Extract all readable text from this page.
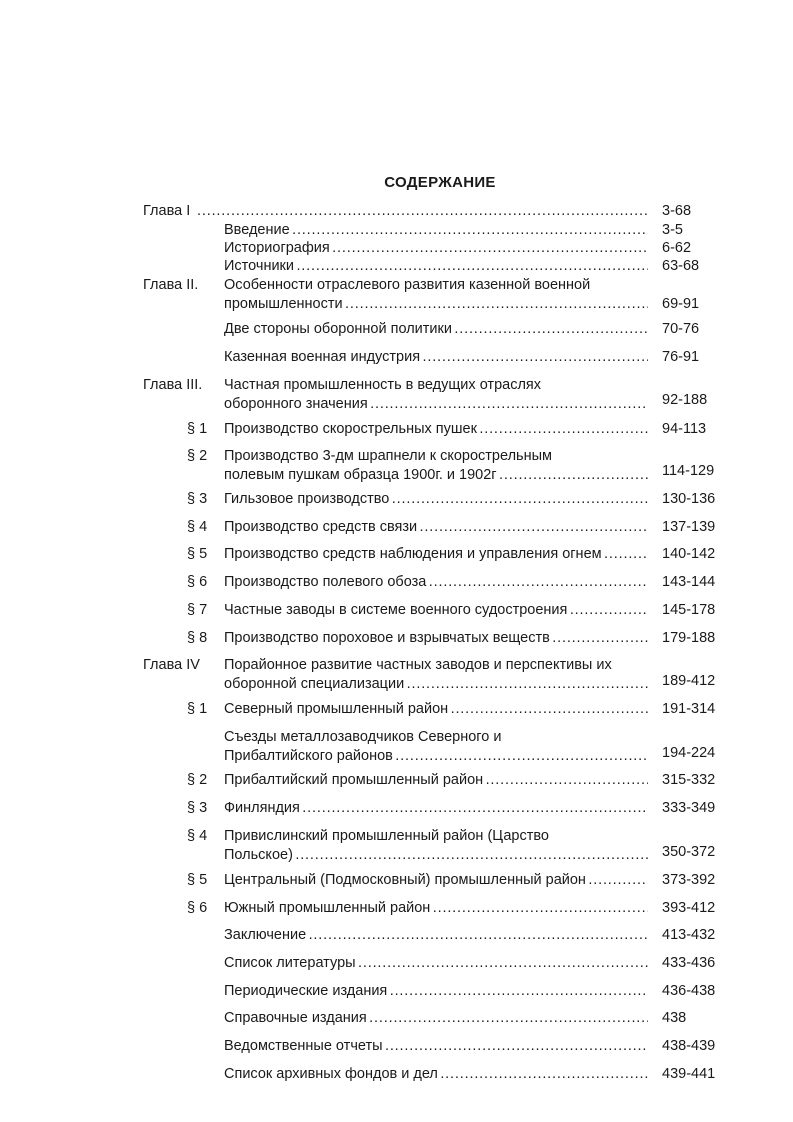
СОДЕРЖАНИЕ
Глава I
. . .	3-68
Введение . . .	3-5
Историография . . .	6-62
Источники . . .	63-68
Глава II. Особенности отраслевого развития казенной военной
промышленности . . .	69-91
Две стороны оборонной политики . . .	70-76
Казенная военная индустрия . . .	76-91
Глава III. Частная промышленность в ведущих отраслях
оборонного значения . . .	92-188
§ 1 Производство скорострельных пушек . . .	94-113
§ 2 Производство 3-дм шрапнели к скорострельным
полевым пушкам образца 1900г. и 1902г . . .	114-129
§ 3 Гильзовое производство . . .	130-136
§ 4 Производство средств связи . . .	137-139
§ 5 Производство средств наблюдения и управления огнем . . .	140-142
§ 6 Производство полевого обоза . . .	143-144
§ 7 Частные заводы в системе военного судостроения . . .	145-178
§ 8 Производство пороховое и взрывчатых веществ . . .	179-188
Глава IV Порайонное развитие частных заводов и перспективы их
оборонной специализации . . .	189-412
§ 1 Северный промышленный район . . .	191-314
Съезды металлозаводчиков Северного и
Прибалтийского районов . . .	194-224
§ 2 Прибалтийский промышленный район . . .	315-332
§ 3 Финляндия . . .	333-349
§ 4 Привислинский промышленный район (Царство
Польское) . . .	350-372
§ 5 Центральный (Подмосковный) промышленный район . . .	373-392
§ 6 Южный промышленный район . . .	393-412
Заключение . . .	413-432
Список литературы . . .	433-436
Периодические издания . . .	436-438
Справочные издания . . .	438
Ведомственные отчеты . . .	438-439
Список архивных фондов и дел . . .	439-441
